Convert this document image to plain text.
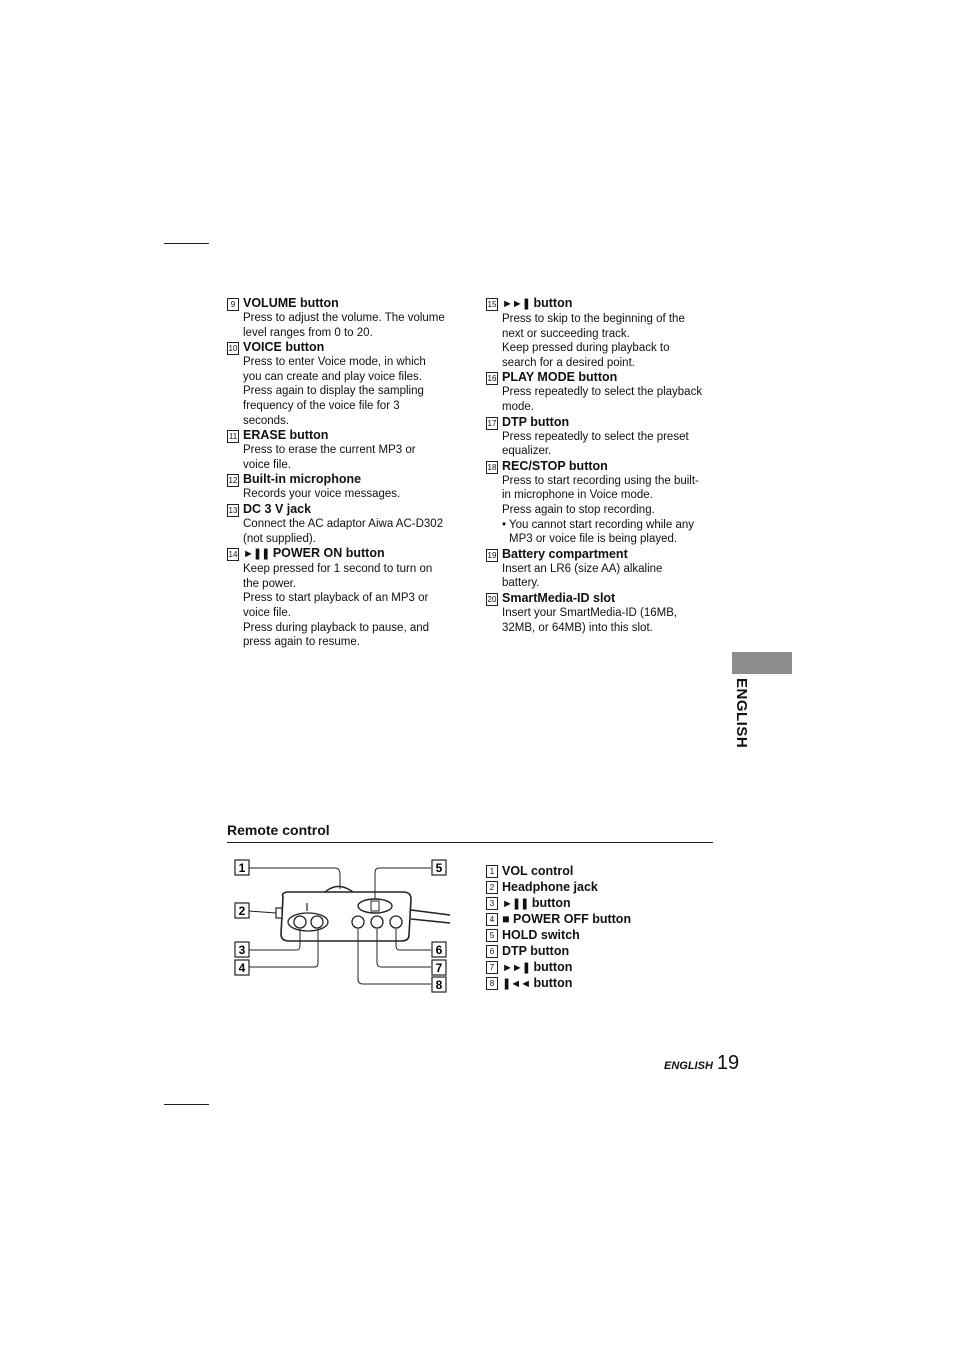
9 VOLUME button

Press to adjust the volume. The volume

level ranges from 0 to 20.

10 VOICE button

Press to enter Voice mode, in which

you can create and play voice files.

Press again to display the sampling

frequency of the voice file for 3

seconds.

11 ERASE button

Press to erase the current MP3 or

voice file.

12 Built-in microphone

Records your voice messages.

13 DC 3 V jack

Connect the AC adaptor Aiwa AC-D302

(not supplied).

14 ►❚❚ POWER ON button

Keep pressed for 1 second to turn on

the power.

Press to start playback of an MP3 or

voice file.

Press during playback to pause, and

press again to resume.

15 ►►❚ button

Press to skip to the beginning of the

next or succeeding track.

Keep pressed during playback to

search for a desired point.

16 PLAY MODE button

Press repeatedly to select the playback

mode.

17 DTP button

Press repeatedly to select the preset

equalizer.

18 REC/STOP button

Press to start recording using the built-

in microphone in Voice mode.

Press again to stop recording.

• You cannot start recording while any

MP3 or voice file is being played.

19 Battery compartment

Insert an LR6 (size AA) alkaline

battery.

20 SmartMedia-ID slot

Insert your SmartMedia-ID (16MB,

32MB, or 64MB) into this slot.

ENGLISH
Remote control
1
2
3
4
5
6
7
8
1 VOL control
2 Headphone jack
3 ►❚❚ button
4 ■ POWER OFF button
5 HOLD switch
6 DTP button
7 ►►❚ button
8 ❚◄◄ button
ENGLISH 19
